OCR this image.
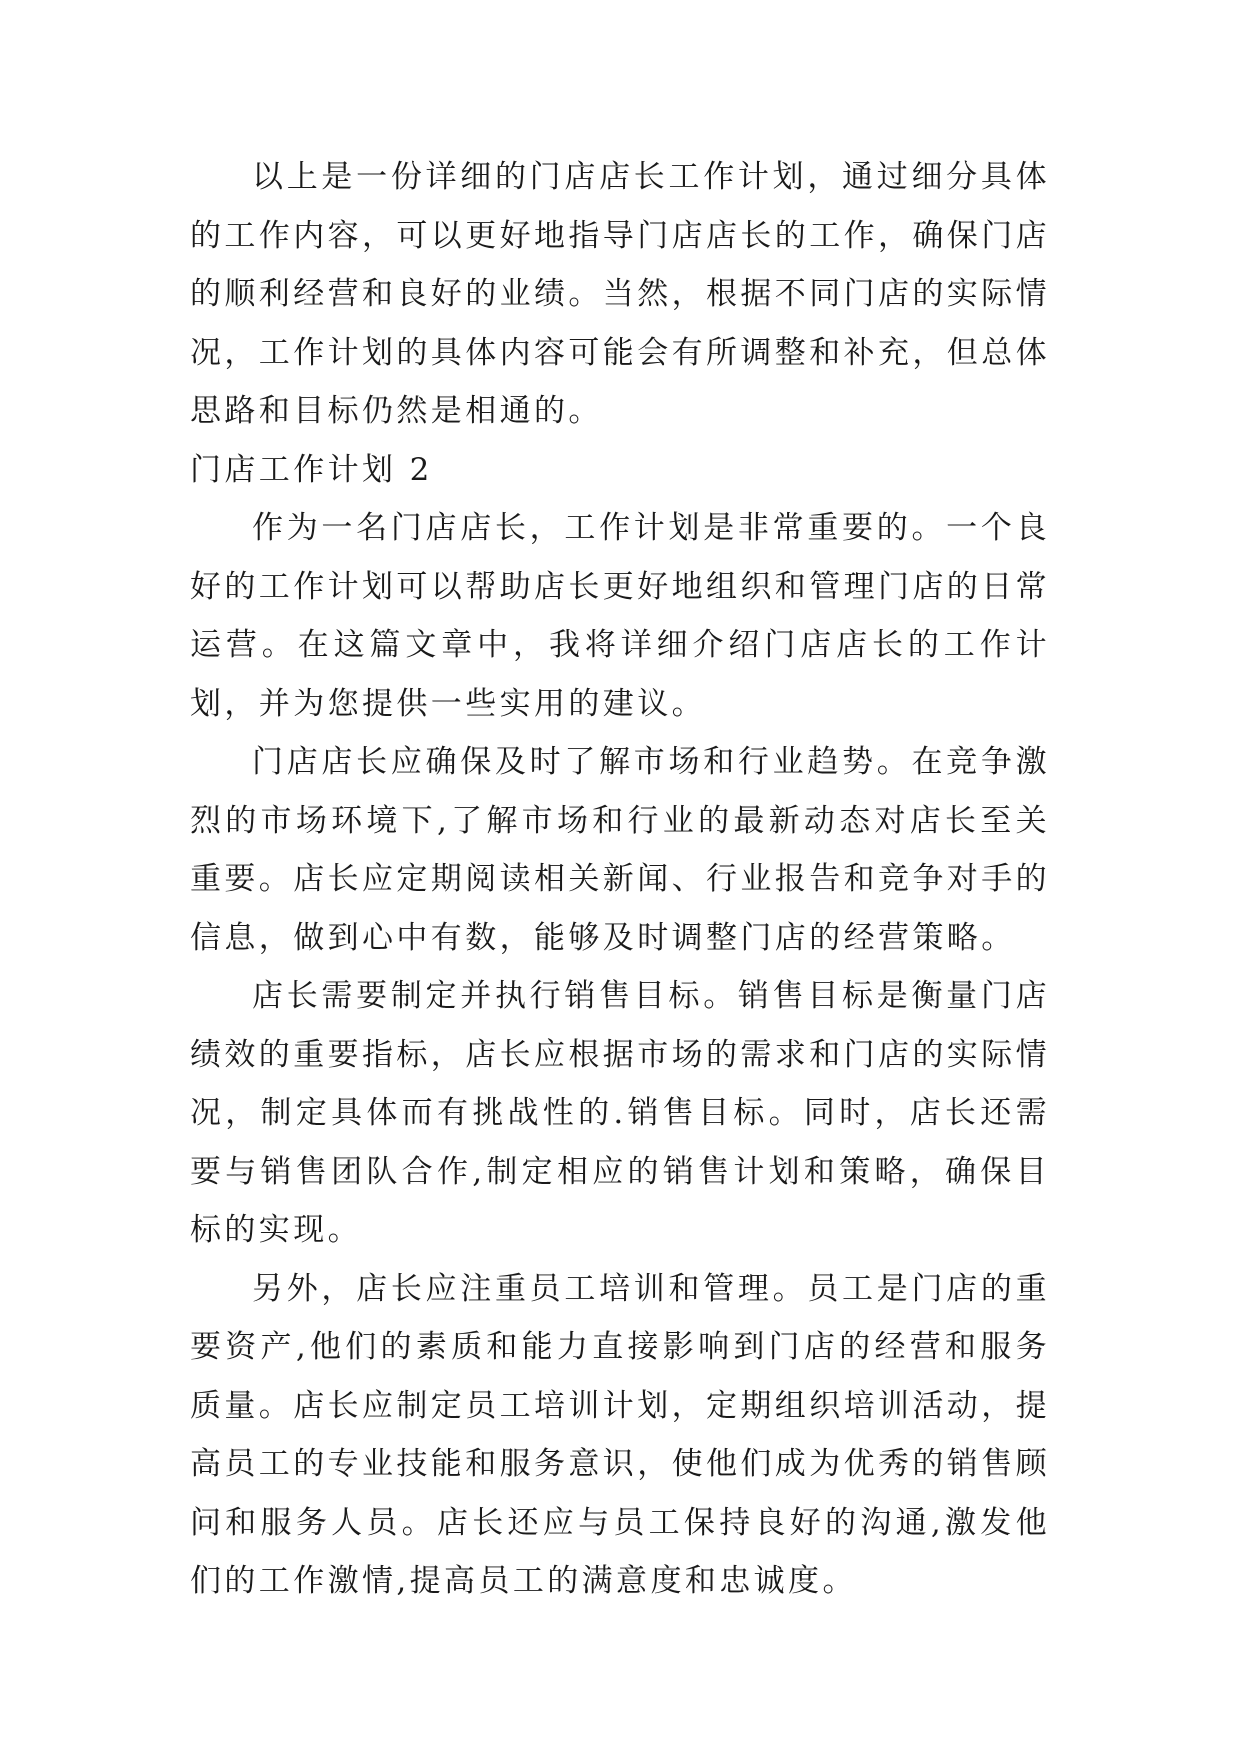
以上是一份详细的门店店长工作计划，通过细分具体的工作内容，可以更好地指导门店店长的工作，确保门店的顺利经营和良好的业绩。当然，根据不同门店的实际情况，工作计划的具体内容可能会有所调整和补充，但总体思路和目标仍然是相通的。

门店工作计划 2

作为一名门店店长，工作计划是非常重要的。一个良好的工作计划可以帮助店长更好地组织和管理门店的日常运营。在这篇文章中，我将详细介绍门店店长的工作计划，并为您提供一些实用的建议。

门店店长应确保及时了解市场和行业趋势。在竞争激烈的市场环境下,了解市场和行业的最新动态对店长至关重要。店长应定期阅读相关新闻、行业报告和竞争对手的信息，做到心中有数，能够及时调整门店的经营策略。

店长需要制定并执行销售目标。销售目标是衡量门店绩效的重要指标，店长应根据市场的需求和门店的实际情况，制定具体而有挑战性的.销售目标。同时，店长还需要与销售团队合作,制定相应的销售计划和策略，确保目标的实现。

另外，店长应注重员工培训和管理。员工是门店的重要资产,他们的素质和能力直接影响到门店的经营和服务质量。店长应制定员工培训计划，定期组织培训活动，提高员工的专业技能和服务意识，使他们成为优秀的销售顾问和服务人员。店长还应与员工保持良好的沟通,激发他们的工作激情,提高员工的满意度和忠诚度。
